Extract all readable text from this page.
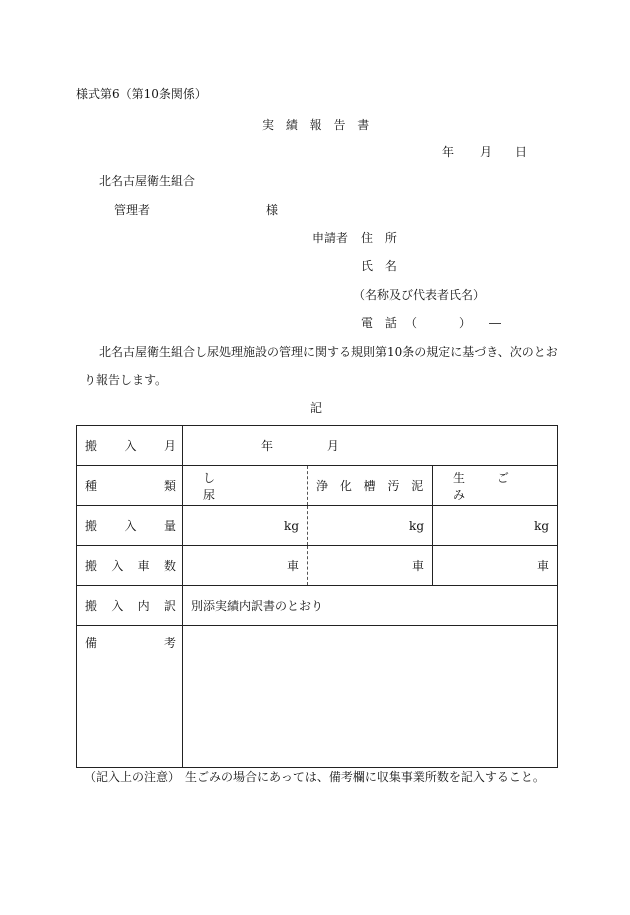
様式第6（第10条関係）
実 績 報 告 書
年 月 日
北名古屋衛生組合
管理者	様
申請者 住 所
氏 名
（名称及び代表者氏名）
電 話 （　　）　―
北名古屋衛生組合し尿処理施設の管理に関する規則第10条の規定に基づき、次のとお
り報告します。
記
搬 入 月	年 月		

種 類	し 尿	浄 化 槽 汚 泥	生 ご み

搬 入 量	kg	kg	kg

搬 入 車 数	車	車	車

搬 入 内 訳	別添実績内訳書のとおり		

備 考			

（記入上の注意） 生ごみの場合にあっては、備考欄に収集事業所数を記入すること。
